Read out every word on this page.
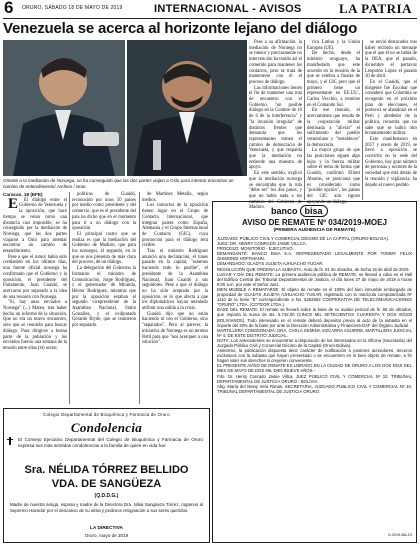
6 ORURO, SÁBADO 18 DE MAYO DE 2019	INTERNACIONAL - AVISOS	LA PATRIA
Venezuela se acerca al horizonte lejano del diálogo
Oriente a la mediación de Noruega, se ha conseguido que las dos partes viajen a Oslo para intentar encontrar un camino de entendimiento/ Archivo / Nota

Pese a su afirmación, la mediación de Noruega no se menor y precisamente no intervención ha tenido así el cometido para mantener los contactos, pero se trata de mantenerse con el el proceso de diálogo.

Las informaciones tienen el fin de mantener una ruta de encuentro con el Gobierno, "un posible diálogo en la Cumbre de 10 de 6 de la interferencia" y "la invasión irregular" de distintos frentes que demanda que los representantes tomen el camino de democracia de Venezuela, y que respalda que la mediación no entiende una muestra de apoyo.

En este sentido, explicó que la mediación noruega se encontraba que la ruta "debe ser" los dos pasos, y que no había nada a los caminos del Gobierno de Maduro.

rica Latina y la Unión Europea (UE).

De hecho, desde el ministro uruguayo, ha manifestado que este acuerdo en la reunión de la que se celebra a finales de mayo, y el GIC pero que el primero tiene un representante en EE.UU., Carlos Vecchio, a reunirse en el Comando Sur.

En ese reunión, el acercamiento que resulta de la cooperación militar destinada a "aliviar" el sufrimiento del pueblo venezolano y "restablecer" la democracia.

La mayor grupo de que las posiciones siguen algo lejos y la fuerza militar sobre el tema de forma que Guaidó, confirmó Elliott Abrams, se posiciona que es considerado como "posible opción", los países del GIC aún siguen apoyando un diálogo.

se envió destacados tras haber recibido un mensaje que el que él no se había de la OEA, que el pasado, diciembre el portavoz Leopoldo López el pasado 30 de abril.

En el Guaidó, que el dirigente fue Escobar que consideró que Colombia se recogerán en el próximo plan de elecciones, el portavoz se abandonó en el Perú y alrededor de la política, recuerda que no sabe que se habrá otro levantamiento militar.

Esto manifestaron en 2017 y enero de 2019, se llevó a oposición se convirtió en la sede del Gobierno, hay gran número de personas y sectores de la sociedad que está detrás de la reunión y vigilancia, ha dejado el nuevo pedido.

Caracas, 18 (EFE)

E El diálogo entre el Gobierno de Venezuela y la oposición, que hace tiempo se veían como una distancia casi imposible, se ha conseguido por la mediación de Noruega, que las dos partes viajaron a Oslo para intentar encontrar un camino de entendimiento.

Pese a que el rumor había sido combatido en los últimos días, una fuente oficial noruega ha confirmado que el Gobierno y la oposición, el presidente del Parlamento, Juan Guaidó, se acercaron por separado a la idea de una reunión con Noruega.

"Si, hay unas enviados a Noruega" (...) Mateo, tras haber hecho un informe de la situación. Que no era un nuevo encuentro, sino que se reunirán para buscar diálogo. Para dirigirse a buena parte de la población y los enviados fueron una semana de la tensión entre ellas (el) sector.

políticas de Guaidó, reconocido por unos 50 países por medio como presidente y del comercio, que es el presidente del país ha dicho que en el momento para ir a un diálogo con la oposición.

El principal rastro que se realiza es que la mediación del Gobierno de Maduro, que para los noruegos, el segundo, en lo que se nos presenta de más clara del proceso, de un diálogo.

La delegación del Gobierno la formaron el ministro de Comunicación, Jorge Rodríguez, y el gobernador de Miranda, Héctor Rodríguez, mientras que por la oposición estaban el segundo vicepresidente de la Asamblea Nacional, Stalin González, y el exdiputado Gerardo Blyde, que se reunieron por separado.

de Martínez Metallo, según medios.

Los contactos de la oposición tienen lugar en el Grupo de Contacto Internacional, que integran países como España, Alemania y el Grupo Internacional de Contacto (GIC), cuya promoción para el diálogo será creíble.

Tras el ministro Rodríguez anunció una declaración, el lunes pasado en la capital, "estamos haciendo todo lo posible", el presidente de la Asamblea Nacional, Juan Guaidó a sus seguidores. Pese a que el diálogo no ha sido aceptado por la oposición, es lo que afecta a que los diplomáticos hayan intentado atribuir una salida a la crisis.

Guaidó dijo que no están haciendo ni con el Gobierno, sino "separados". Pero al parecer, la iniciativa de Noruega es un terreno fértil para que "nos acerquen a una solución".

Colegio Departamental de Bioquímica y Farmacia de Oruro
Condolencia
El Consejo Ejecutivo Departamental del Colegio de Bioquímica y Farmacia de Oruro expresa sus más sentidas condolencias a la familia de quien en vida fue:
Sra. NÉLIDA TÓRREZ BELLIDO
VDA. DE SANGÜEZA
(Q.D.D.G.)
Madre de nuestra amiga, esposa y madre de la Directora Dra. Nilsa Sangüeza Tórrez, rogamos al Supremo Hacedor por el descanso de su alma y pedimos resignación a sus seres queridos.
LA DIRECTIVA
Oruro, mayo de 2019
banco bisa
AVISO DE REMATE Nº 034/2019-MOEJ
(PRIMERA AUDIENCIA DE REMATE)

JUZGADO: PÚBLICO CIVIL Y COMERCIAL DÉCIMO DE LA CAPITAL (ORURO-BOLIVIA).

JUEZ: DR. HENRY CONRADO JAIME VILLCA.

PROCESO: MONITORIO - EJECUTIVO.

DEMANDANTE: BANCO BISA S.A. REPRESENTADO LEGALMENTE POR TOMMY FELIX GISMONDI HOFFMANN.

DEMANDADO: GLADYS JULIETA AJHUACHO YUGAR.

RESOLUCIÓN QUE ORDENA LA SUBASTA: Auto de fs. 81 de obrados, de fecha 16 de abril de 2019.

LUGAR Y DÍA DEL REMATE: La primera audiencia pública de REMATE, se llevará a cabo en el Hall del Edificio Central del Tribunal Departamental de Justicia, el día lunes 27 de mayo de 2019 a horas 9:00 a.m. por ante el Señor Juez.

BIEN MUEBLE A REMATARSE: El objeto de remate es el 100% del bien inmueble embargado de propiedad de GLADYS JULIETA AJHUACHO YUGAR, registrado con la matrícula computarizada Nº 1110 de la Serie "E" correspondiente a No. 5262562 COOPERATIVA DE TELECOMUNICACIONES "ORURO" LTDA. (COTEOR LTDA.).

BASE DEL REMATE: El remate se llevará sobre la base de su avalúo pericial de fs. 66 de obrados, que importa la suma de Bs. 5.742,00 (CINCO MIL SETECIENTOS CUARENTA Y DOS 00/100 BOLIVIANOS). Todo interesado en el remate deberá depositar previo al acto de la subasta en el importe del 20% de la base por ante la Dirección Administrativa y Financiera-DAF del Órgano Judicial.

MARTILLERA COMISIONADA: DRA. CARLA GEMINA VIZCARRA AGUIRRE, MARTILLERA JUDICIAL Nº 4, DE ESTE DISTRITO JUDICIAL.

NOTA: Los antecedentes se encuentran a disposición de los interesados en la Oficina (Secretaría) del Juzgado Público Civil y Comercial Décimo de la Capital (Oruro-Bolivia).

Asimismo, la publicación dispuesta tiene carácter de notificación a postores acreedores, terceros exclusivos con la subasta que hayan presentado o se encuentren en el bien objeto de remate, a fin hagan valer sus derechos si creyeren conveniente.

EL PRESENTE AVISO DE REMATE ES LIBRADO EN LA CIUDAD DE ORURO A LOS DOS DÍAS DEL MES DE MAYO DE DOS MIL DIECINUEVE AÑOS.-

Fdo. Dr. Henry Conrado Jaime Villca, JUEZ PÚBLICO CIVIL Y COMERCIAL Nº 10, TRIBUNAL DEPARTAMENTAL DE JUSTICIA ORURO - BOLIVIA.

Abg. María del Neiny Vera Rimas, SECRETARIA, JUZGADO PÚBLICO CIVIL Y COMERCIAL Nº 10, TRIBUNAL DEPARTAMENTAL DE JUSTICIA ORURO.

O.2019-BA-19
